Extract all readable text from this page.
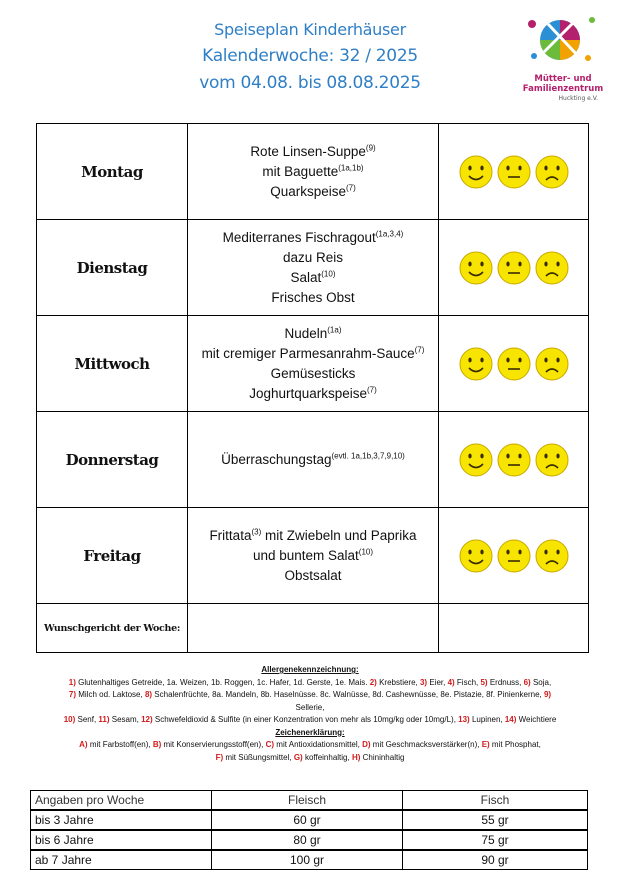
Speiseplan Kinderhäuser
Kalenderwoche: 32 / 2025
vom 04.08. bis 08.08.2025	Mütter- und
Familienzentrum
Huckting e.V.
Montag	Rote Linsen-Suppe$^{(9)}$
mit Baguette$^{(1a,1b)}$
Quarkspeise$^{(7)}$

Dienstag	Mediterranes Fischragout$^{(1a,3,4)}$
dazu Reis
Salat$^{(10)}$
Frisches Obst

Mittwoch	Nudeln$^{(1a)}$
mit cremiger Parmesanrahm-Sauce$^{(7)}$
Gemüsesticks
Joghurtquarkspeise$^{(7)}$

Donnerstag	Überraschungstag$^{(evtl. 1a,1b,3,7,9,10)}$

Freitag	Frittata$^{(3)}$ mit Zwiebeln und Paprika
und buntem Salat$^{(10)}$
Obstsalat

Wunschgericht der Woche:		
Allergenekennzeichnung:
1) Glutenhaltiges Getreide, 1a. Weizen, 1b. Roggen, 1c. Hafer, 1d. Gerste, 1e. Mais. 2) Krebstiere, 3) Eier, 4) Fisch, 5) Erdnuss, 6) Soja,
7) Milch od. Laktose, 8) Schalenfrüchte, 8a. Mandeln, 8b. Haselnüsse. 8c. Walnüsse, 8d. Cashewnüsse, 8e. Pistazie, 8f. Pinienkerne, 9)
Sellerie,
10) Senf, 11) Sesam, 12) Schwefeldioxid & Sulfite (in einer Konzentration von mehr als 10mg/kg oder 10mg/L), 13) Lupinen, 14) Weichtiere
Zeichenerklärung:
A) mit Farbstoff(en), B) mit Konservierungsstoff(en), C) mit Antioxidationsmittel, D) mit Geschmacksverstärker(n), E) mit Phosphat,
F) mit Süßungsmittel, G) koffeinhaltig, H) Chininhaltig
Angaben pro Woche	Fleisch	Fisch
bis 3 Jahre	60 gr	55 gr
bis 6 Jahre	80 gr	75 gr
ab 7 Jahre	100 gr	90 gr
